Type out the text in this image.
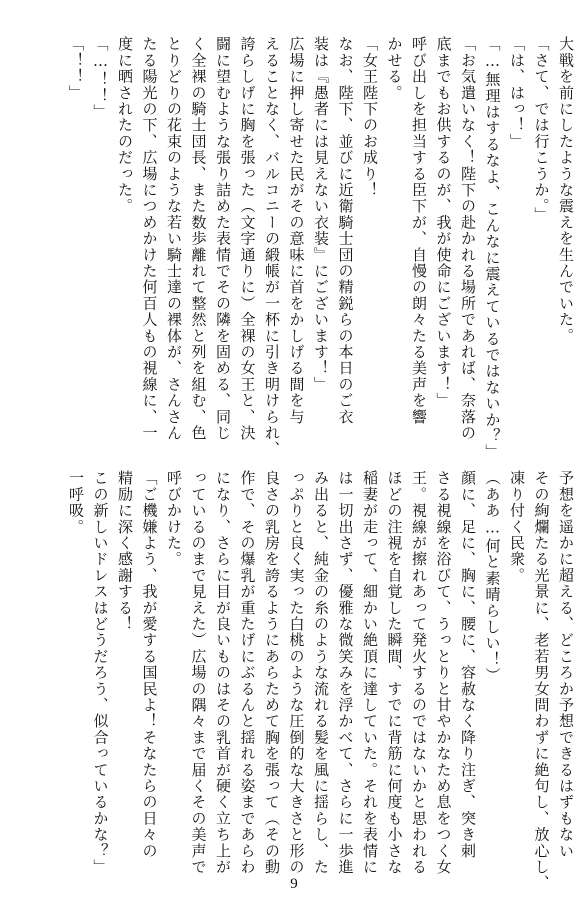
大戦を前にしたような震えを生んでいた。
「さて、では行こうか。」
「は、はっ！」
「…無理はするなよ、こんなに震えているではないか？」
「お気遣いなく！陛下の赴かれる場所であれば、奈落の
底までもお供するのが、我が使命にございます！」
呼び出しを担当する臣下が、自慢の朗々たる美声を響
かせる。
「女王陛下のお成り！
なお、陛下、並びに近衛騎士団の精鋭らの本日のご衣
装は『愚者には見えない衣装』にございます！」
広場に押し寄せた民がその意味に首をかしげる間を与
えることなく、バルコニーの緞帳が一杯に引き明けられ、
誇らしげに胸を張った（文字通りに）全裸の女王と、決
闘に望むような張り詰めた表情でその隣を固める、同じ
く全裸の騎士団長、また数歩離れて整然と列を組む、色
とりどりの花束のような若い騎士達の裸体が、さんさん
たる陽光の下、広場につめかけた何百人もの視線に、一
度に晒されたのだった。
「…！！」
「！！」
予想を遥かに超える、どころか予想できるはずもない
その絢爛たる光景に、老若男女問わずに絶句し、放心し、
凍り付く民衆。
（ああ…何と素晴らしい！）
顔に、足に、胸に、腰に、容赦なく降り注ぎ、突き刺
さる視線を浴びて、うっとりと甘やかなため息をつく女
王。視線が擦れあって発火するのではないかと思われる
ほどの注視を自覚した瞬間、すでに背筋に何度も小さな
稲妻が走って、細かい絶頂に達していた。それを表情に
は一切出さず、優雅な微笑みを浮かべて、さらに一歩進
み出ると、純金の糸のような流れる髪を風に揺らし、た
っぷりと良く実った白桃のような圧倒的な大きさと形の
良さの乳房を誇るようにあらためて胸を張って（その動
作で、その爆乳が重たげにぶるんと揺れる姿まであらわ
になり、さらに目が良いものはその乳首が硬く立ち上が
っているのまで見えた）広場の隅々まで届くその美声で
呼びかけた。
「ご機嫌よう、我が愛する国民よ！そなたらの日々の
精励に深く感謝する！
この新しいドレスはどうだろう、似合っているかな？」
一呼吸。
9
